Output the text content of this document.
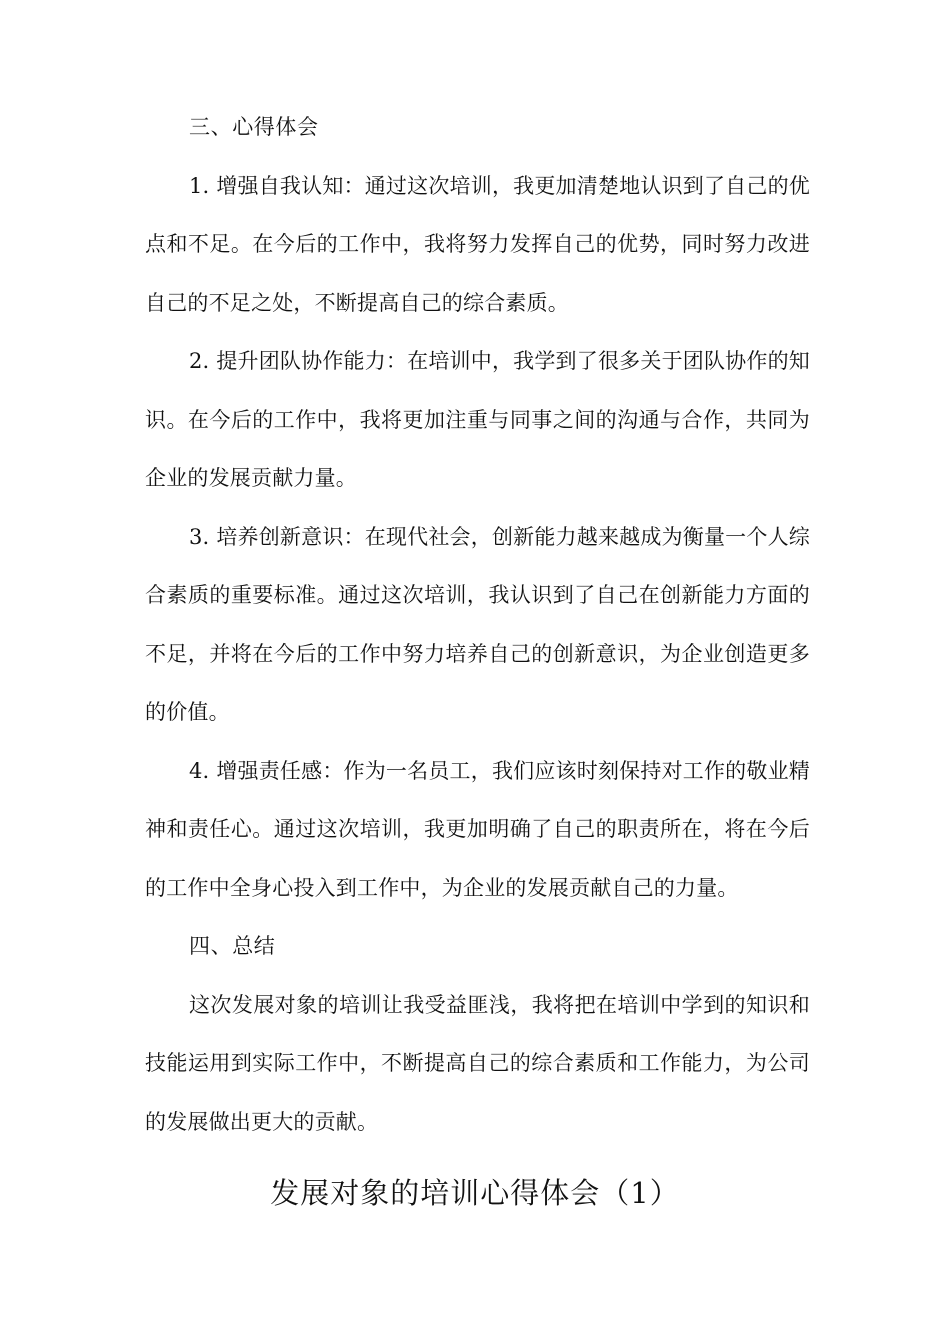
三、心得体会

1. 增强自我认知：通过这次培训，我更加清楚地认识到了自己的优点和不足。在今后的工作中，我将努力发挥自己的优势，同时努力改进自己的不足之处，不断提高自己的综合素质。

2. 提升团队协作能力：在培训中，我学到了很多关于团队协作的知识。在今后的工作中，我将更加注重与同事之间的沟通与合作，共同为企业的发展贡献力量。

3. 培养创新意识：在现代社会，创新能力越来越成为衡量一个人综合素质的重要标准。通过这次培训，我认识到了自己在创新能力方面的不足，并将在今后的工作中努力培养自己的创新意识，为企业创造更多的价值。

4. 增强责任感：作为一名员工，我们应该时刻保持对工作的敬业精神和责任心。通过这次培训，我更加明确了自己的职责所在，将在今后的工作中全身心投入到工作中，为企业的发展贡献自己的力量。

四、总结

这次发展对象的培训让我受益匪浅，我将把在培训中学到的知识和技能运用到实际工作中，不断提高自己的综合素质和工作能力，为公司的发展做出更大的贡献。

发展对象的培训心得体会（1）
